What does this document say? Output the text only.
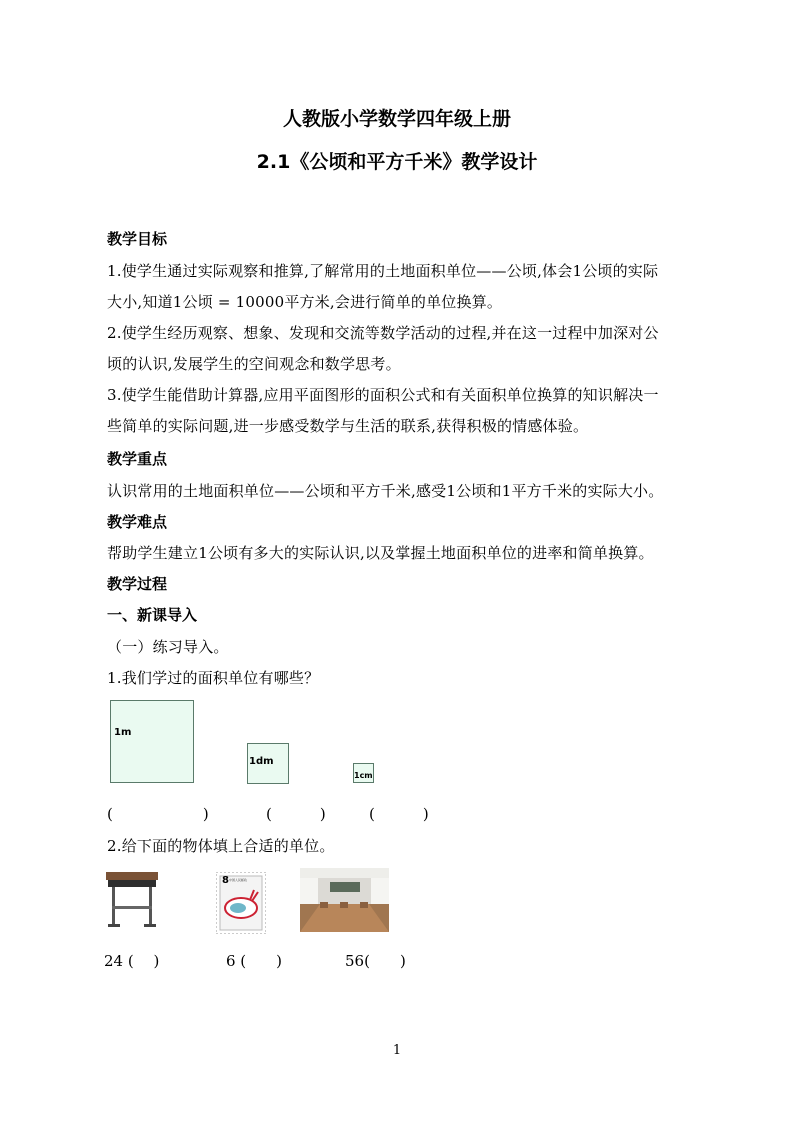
人教版小学数学四年级上册
2.1《公顷和平方千米》教学设计
教学目标
1.使学生通过实际观察和推算,了解常用的土地面积单位——公顷,体会1公顷的实际
大小,知道1公顷 = 10000平方米,会进行简单的单位换算。
2.使学生经历观察、想象、发现和交流等数学活动的过程,并在这一过程中加深对公
顷的认识,发展学生的空间观念和数学思考。
3.使学生能借助计算器,应用平面图形的面积公式和有关面积单位换算的知识解决一
些简单的实际问题,进一步感受数学与生活的联系,获得积极的情感体验。
教学重点
认识常用的土地面积单位——公顷和平方千米,感受1公顷和1平方千米的实际大小。
教学难点
帮助学生建立1公顷有多大的实际认识,以及掌握土地面积单位的进率和简单换算。
教学过程
一、新课导入
（一）练习导入。
1.我们学过的面积单位有哪些？
1m
1dm
1cm
(　　　　)	(　　) (　　)
2.给下面的物体填上合适的单位。
8 中国人民邮政
24 (　 )	6 (　　)	56(　　)
1
